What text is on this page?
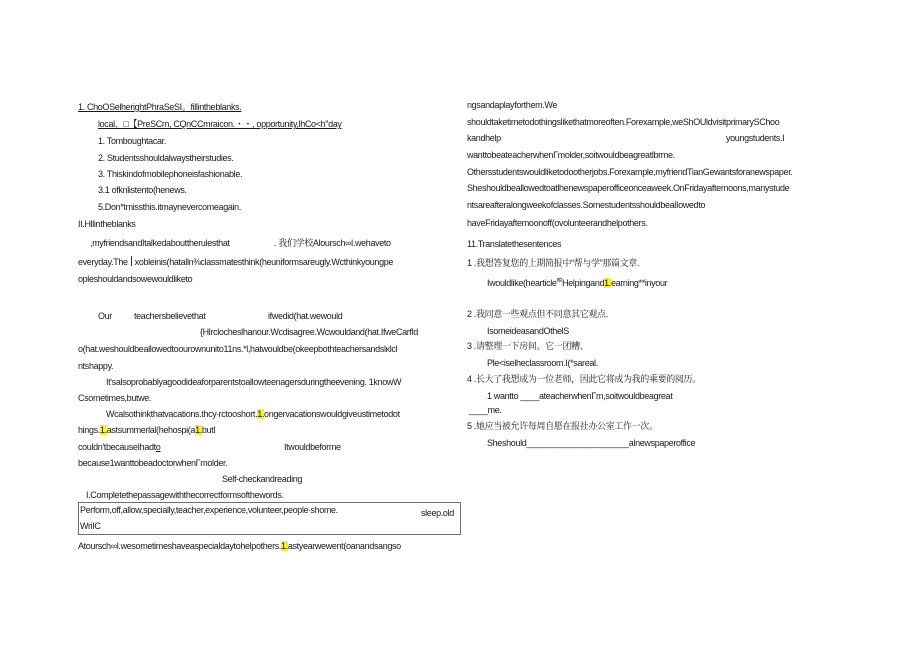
1. ChoOSelherightPhraSeSI。fillintheblanks.
local、□【PreSCm, CQnCCmraicon.・・, opportunity,lhCo<h"day
1. Tomboughtacar.
2. Studentsshouldalwaystheirstudies.
3. Thiskindofmobilephoneisfashionable.
3.1 ofknlistento(henews.
5.Don*tmissthis.itmaynevercomeagain.
II.Hllintheblanks
,myfriendsandItalkedabouttherulesthat	. 我们学校Aloursch∞l.wehaveto
everyday.The xobleinis(hatalln⅜classmatesthink(heuniformsareugly.Wcthinkyoungpe
opleshouldandsowewouldliketo
Our teachersbelievethat	ifwedid(hat.wewould
{Hlrclocheslhanour.Wcdisagree.Wcwouldand(hat.IfweCarfld
o(hat.weshouldbeallowedtoourownunito11ns.*l,hatwouldbe(okeepbothteachersandslκlcl
ntshappy.
It'salsoprobablyagoodideaforparentstoallowteenagersduringtheevening. 1knowW
Csometimes,butwe.
Wcalsothinkthatvacations.thcy∙rctooshort.1.ongervacationswouldgiveustimetodot
hings.1.astsummerlal(hehospi(a1.butl
couldn'tbecauseIhadto	Itwouldbeforme
because1wanttobeadoctorwhenΓmolder.
Self-checkandreading
I.Completethepassagewiththecorrectformsofthewords.
Perform,off,allow,specially,teacher,experience,volunteer,people∙shome.	sleep.old
WriIC
Atoursch∞l.wesometimeshaveaspecialdaytohelpothers.1.astyearwewent(oanandsangso
ngsandaplayforthem.We
shouldtaketimetodothingslikethatmoreoften.Forexample,weShOUldvisitprimarySChoo
kandhelp	youngstudents.I
wanttobeateacherwhenΓmolder,soitwouldbeagreatlbrme.
Othersstudentswouldliketodootherjobs.Forexample,myfriendTianGewantsforanewspaper.
Sheshouldbeallowedtoatlhenewspaperofficeonceaweek.OnFridayafternoons,manystude
ntsareafteralongweekofclasses.SomestudentsshouldbealIowedto
haveFridayafternoonoff(ovolunteerandhelpothers.
11.Translatethesentences
1 .我想答复您的上期简报中“帮与学”那篇文章.
Iwouldlike(hearticle$^{\ell¢l}$Helpingand1.earning**inyour
2 .我同意一些观点但不同意其它观点.
IsomeideasandOthelS
3 .请整理一下房间。它一团糟、
Ple<iselheclassroom.I(*sareal.
4 .长大了我想成为一位老师，因此它将成为我的乘要的阅历。
1 wantto ____ateacherwhenΓm,soitwouldbeagreat
____me.
5 .她应当被允许每周自愿在报社办公室工作一次。
Sheshould______________________alnewspaperoffice
